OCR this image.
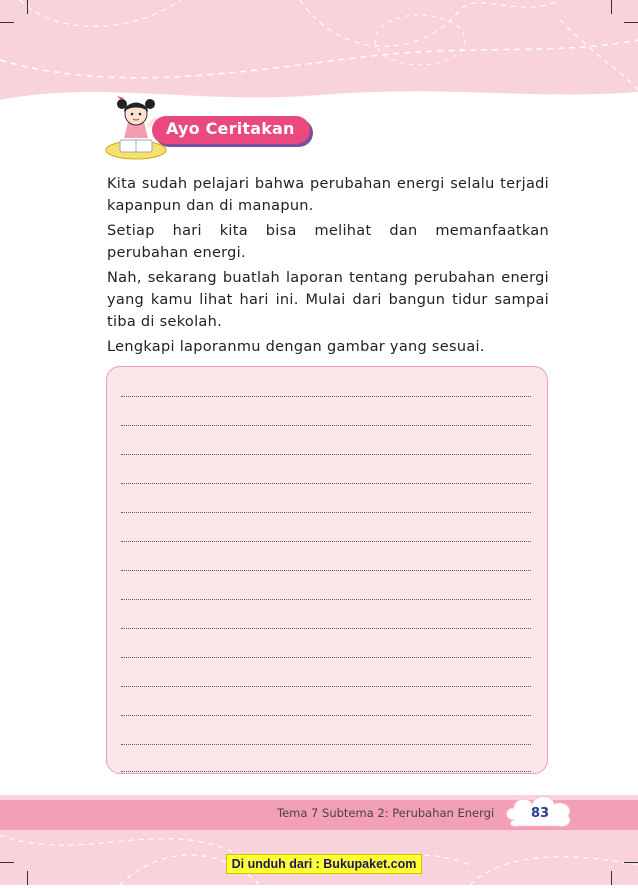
Ayo Ceritakan

Kita sudah pelajari bahwa perubahan energi selalu terjadi kapanpun dan di manapun.

Setiap hari kita bisa melihat dan memanfaatkan perubahan energi.

Nah, sekarang buatlah laporan tentang perubahan energi yang kamu lihat hari ini. Mulai dari bangun tidur sampai tiba di sekolah.

Lengkapi laporanmu dengan gambar yang sesuai.

Tema 7 Subtema 2: Perubahan Energi	83
Di unduh dari : Bukupaket.com
